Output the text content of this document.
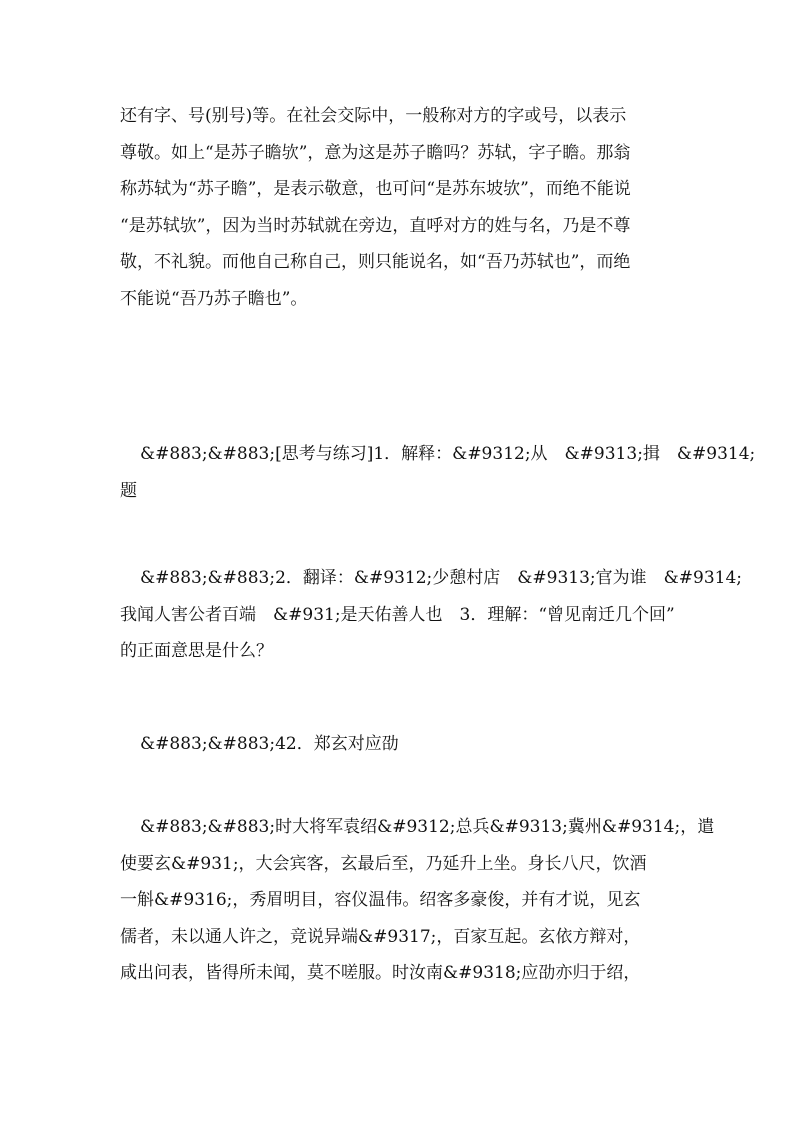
还有字、号(别号)等。在社会交际中，一般称对方的字或号，以表示
尊敬。如上“是苏子瞻欤”，意为这是苏子瞻吗？苏轼，字子瞻。那翁
称苏轼为“苏子瞻”，是表示敬意，也可问“是苏东坡欤”，而绝不能说
“是苏轼欤”，因为当时苏轼就在旁边，直呼对方的姓与名，乃是不尊
敬，不礼貌。而他自己称自己，则只能说名，如“吾乃苏轼也”，而绝
不能说“吾乃苏子瞻也”。
&#883;&#883;[思考与练习]1．解释：&#9312;从　&#9313;揖　&#9314;
题
&#883;&#883;2．翻译：&#9312;少憩村店　&#9313;官为谁　&#9314;
我闻人害公者百端　&#931;是天佑善人也　3．理解：“曾见南迁几个回”
的正面意思是什么？
&#883;&#883;42．郑玄对应劭
&#883;&#883;时大将军袁绍&#9312;总兵&#9313;冀州&#9314;，遣
使要玄&#931;，大会宾客，玄最后至，乃延升上坐。身长八尺，饮酒
一斛&#9316;，秀眉明目，容仪温伟。绍客多豪俊，并有才说，见玄
儒者，未以通人许之，竞说异端&#9317;，百家互起。玄依方辩对，
咸出问表，皆得所未闻，莫不嗟服。时汝南&#9318;应劭亦归于绍，
